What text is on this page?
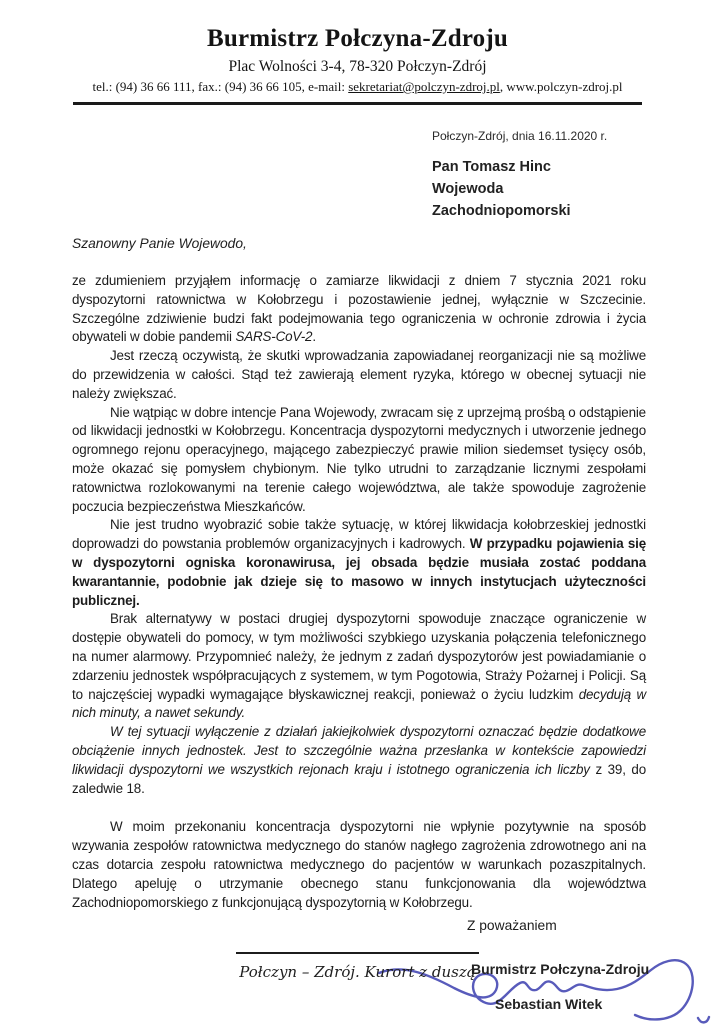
Burmistrz Połczyna-Zdroju
Plac Wolności 3-4, 78-320 Połczyn-Zdrój
tel.: (94) 36 66 111, fax.: (94) 36 66 105, e-mail: sekretariat@polczyn-zdroj.pl, www.polczyn-zdroj.pl
Połczyn-Zdrój, dnia 16.11.2020 r.
Pan Tomasz Hinc
Wojewoda Zachodniopomorski
Szanowny Panie Wojewodo,

ze zdumieniem przyjąłem informację o zamiarze likwidacji z dniem 7 stycznia 2021 roku dyspozytorni ratownictwa w Kołobrzegu i pozostawienie jednej, wyłącznie w Szczecinie. Szczególne zdziwienie budzi fakt podejmowania tego ograniczenia w ochronie zdrowia i życia obywateli w dobie pandemii SARS-CoV-2.

Jest rzeczą oczywistą, że skutki wprowadzania zapowiadanej reorganizacji nie są możliwe do przewidzenia w całości. Stąd też zawierają element ryzyka, którego w obecnej sytuacji nie należy zwiększać.

Nie wątpiąc w dobre intencje Pana Wojewody, zwracam się z uprzejmą prośbą o odstąpienie od likwidacji jednostki w Kołobrzegu. Koncentracja dyspozytorni medycznych i utworzenie jednego ogromnego rejonu operacyjnego, mającego zabezpieczyć prawie milion siedemset tysięcy osób, może okazać się pomysłem chybionym. Nie tylko utrudni to zarządzanie licznymi zespołami ratownictwa rozlokowanymi na terenie całego województwa, ale także spowoduje zagrożenie poczucia bezpieczeństwa Mieszkańców.

Nie jest trudno wyobrazić sobie także sytuację, w której likwidacja kołobrzeskiej jednostki doprowadzi do powstania problemów organizacyjnych i kadrowych. W przypadku pojawienia się w dyspozytorni ogniska koronawirusa, jej obsada będzie musiała zostać poddana kwarantannie, podobnie jak dzieje się to masowo w innych instytucjach użyteczności publicznej.

Brak alternatywy w postaci drugiej dyspozytorni spowoduje znaczące ograniczenie w dostępie obywateli do pomocy, w tym możliwości szybkiego uzyskania połączenia telefonicznego na numer alarmowy. Przypomnieć należy, że jednym z zadań dyspozytorów jest powiadamianie o zdarzeniu jednostek współpracujących z systemem, w tym Pogotowia, Straży Pożarnej i Policji. Są to najczęściej wypadki wymagające błyskawicznej reakcji, ponieważ o życiu ludzkim decydują w nich minuty, a nawet sekundy.

W tej sytuacji wyłączenie z działań jakiejkolwiek dyspozytorni oznaczać będzie dodatkowe obciążenie innych jednostek. Jest to szczególnie ważna przesłanka w kontekście zapowiedzi likwidacji dyspozytorni we wszystkich rejonach kraju i istotnego ograniczenia ich liczby z 39, do zaledwie 18.

W moim przekonaniu koncentracja dyspozytorni nie wpłynie pozytywnie na sposób wzywania zespołów ratownictwa medycznego do stanów nagłego zagrożenia zdrowotnego ani na czas dotarcia zespołu ratownictwa medycznego do pacjentów w warunkach pozaszpitalnych. Dlatego apeluję o utrzymanie obecnego stanu funkcjonowania dla województwa Zachodniopomorskiego z funkcjonującą dyspozytornią w Kołobrzegu.

Z poważaniem
Burmistrz Połczyna-Zdroju
Sebastian Witek
Połczyn – Zdrój. Kurort z duszą
